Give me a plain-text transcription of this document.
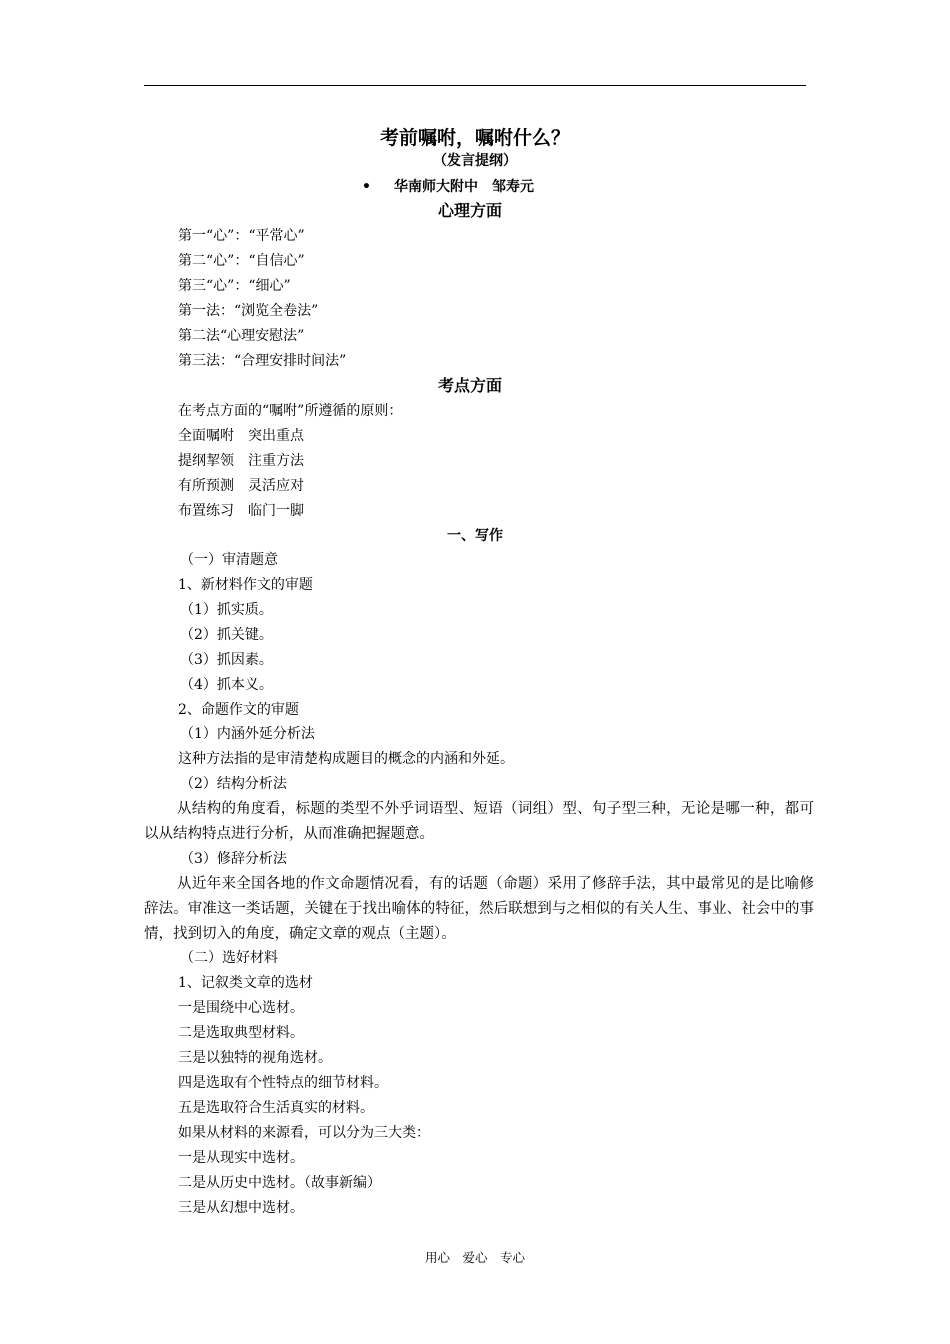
考前嘱咐，嘱咐什么？
（发言提纲）
• 华南师大附中　邹寿元
心理方面
第一“心”：“平常心”
第二“心”：“自信心”
第三“心”：“细心”
第一法：“浏览全卷法”
第二法“心理安慰法”
第三法：“合理安排时间法”
考点方面
在考点方面的“嘱咐”所遵循的原则：
全面嘱咐　突出重点
提纲挈领　注重方法
有所预测　灵活应对
布置练习　临门一脚
一、写作
（一）审清题意
1、新材料作文的审题
（1）抓实质。
（2）抓关键。
（3）抓因素。
（4）抓本义。
2、命题作文的审题
（1）内涵外延分析法
这种方法指的是审清楚构成题目的概念的内涵和外延。
（2）结构分析法
从结构的角度看，标题的类型不外乎词语型、短语（词组）型、句子型三种，无论是哪一种，都可以从结构特点进行分析，从而准确把握题意。
（3）修辞分析法
从近年来全国各地的作文命题情况看，有的话题（命题）采用了修辞手法，其中最常见的是比喻修辞法。审准这一类话题，关键在于找出喻体的特征，然后联想到与之相似的有关人生、事业、社会中的事情，找到切入的角度，确定文章的观点（主题）。
（二）选好材料
1、记叙类文章的选材
一是围绕中心选材。
二是选取典型材料。
三是以独特的视角选材。
四是选取有个性特点的细节材料。
五是选取符合生活真实的材料。
如果从材料的来源看，可以分为三大类：
一是从现实中选材。
二是从历史中选材。（故事新编）
三是从幻想中选材。
用心　爱心　专心
